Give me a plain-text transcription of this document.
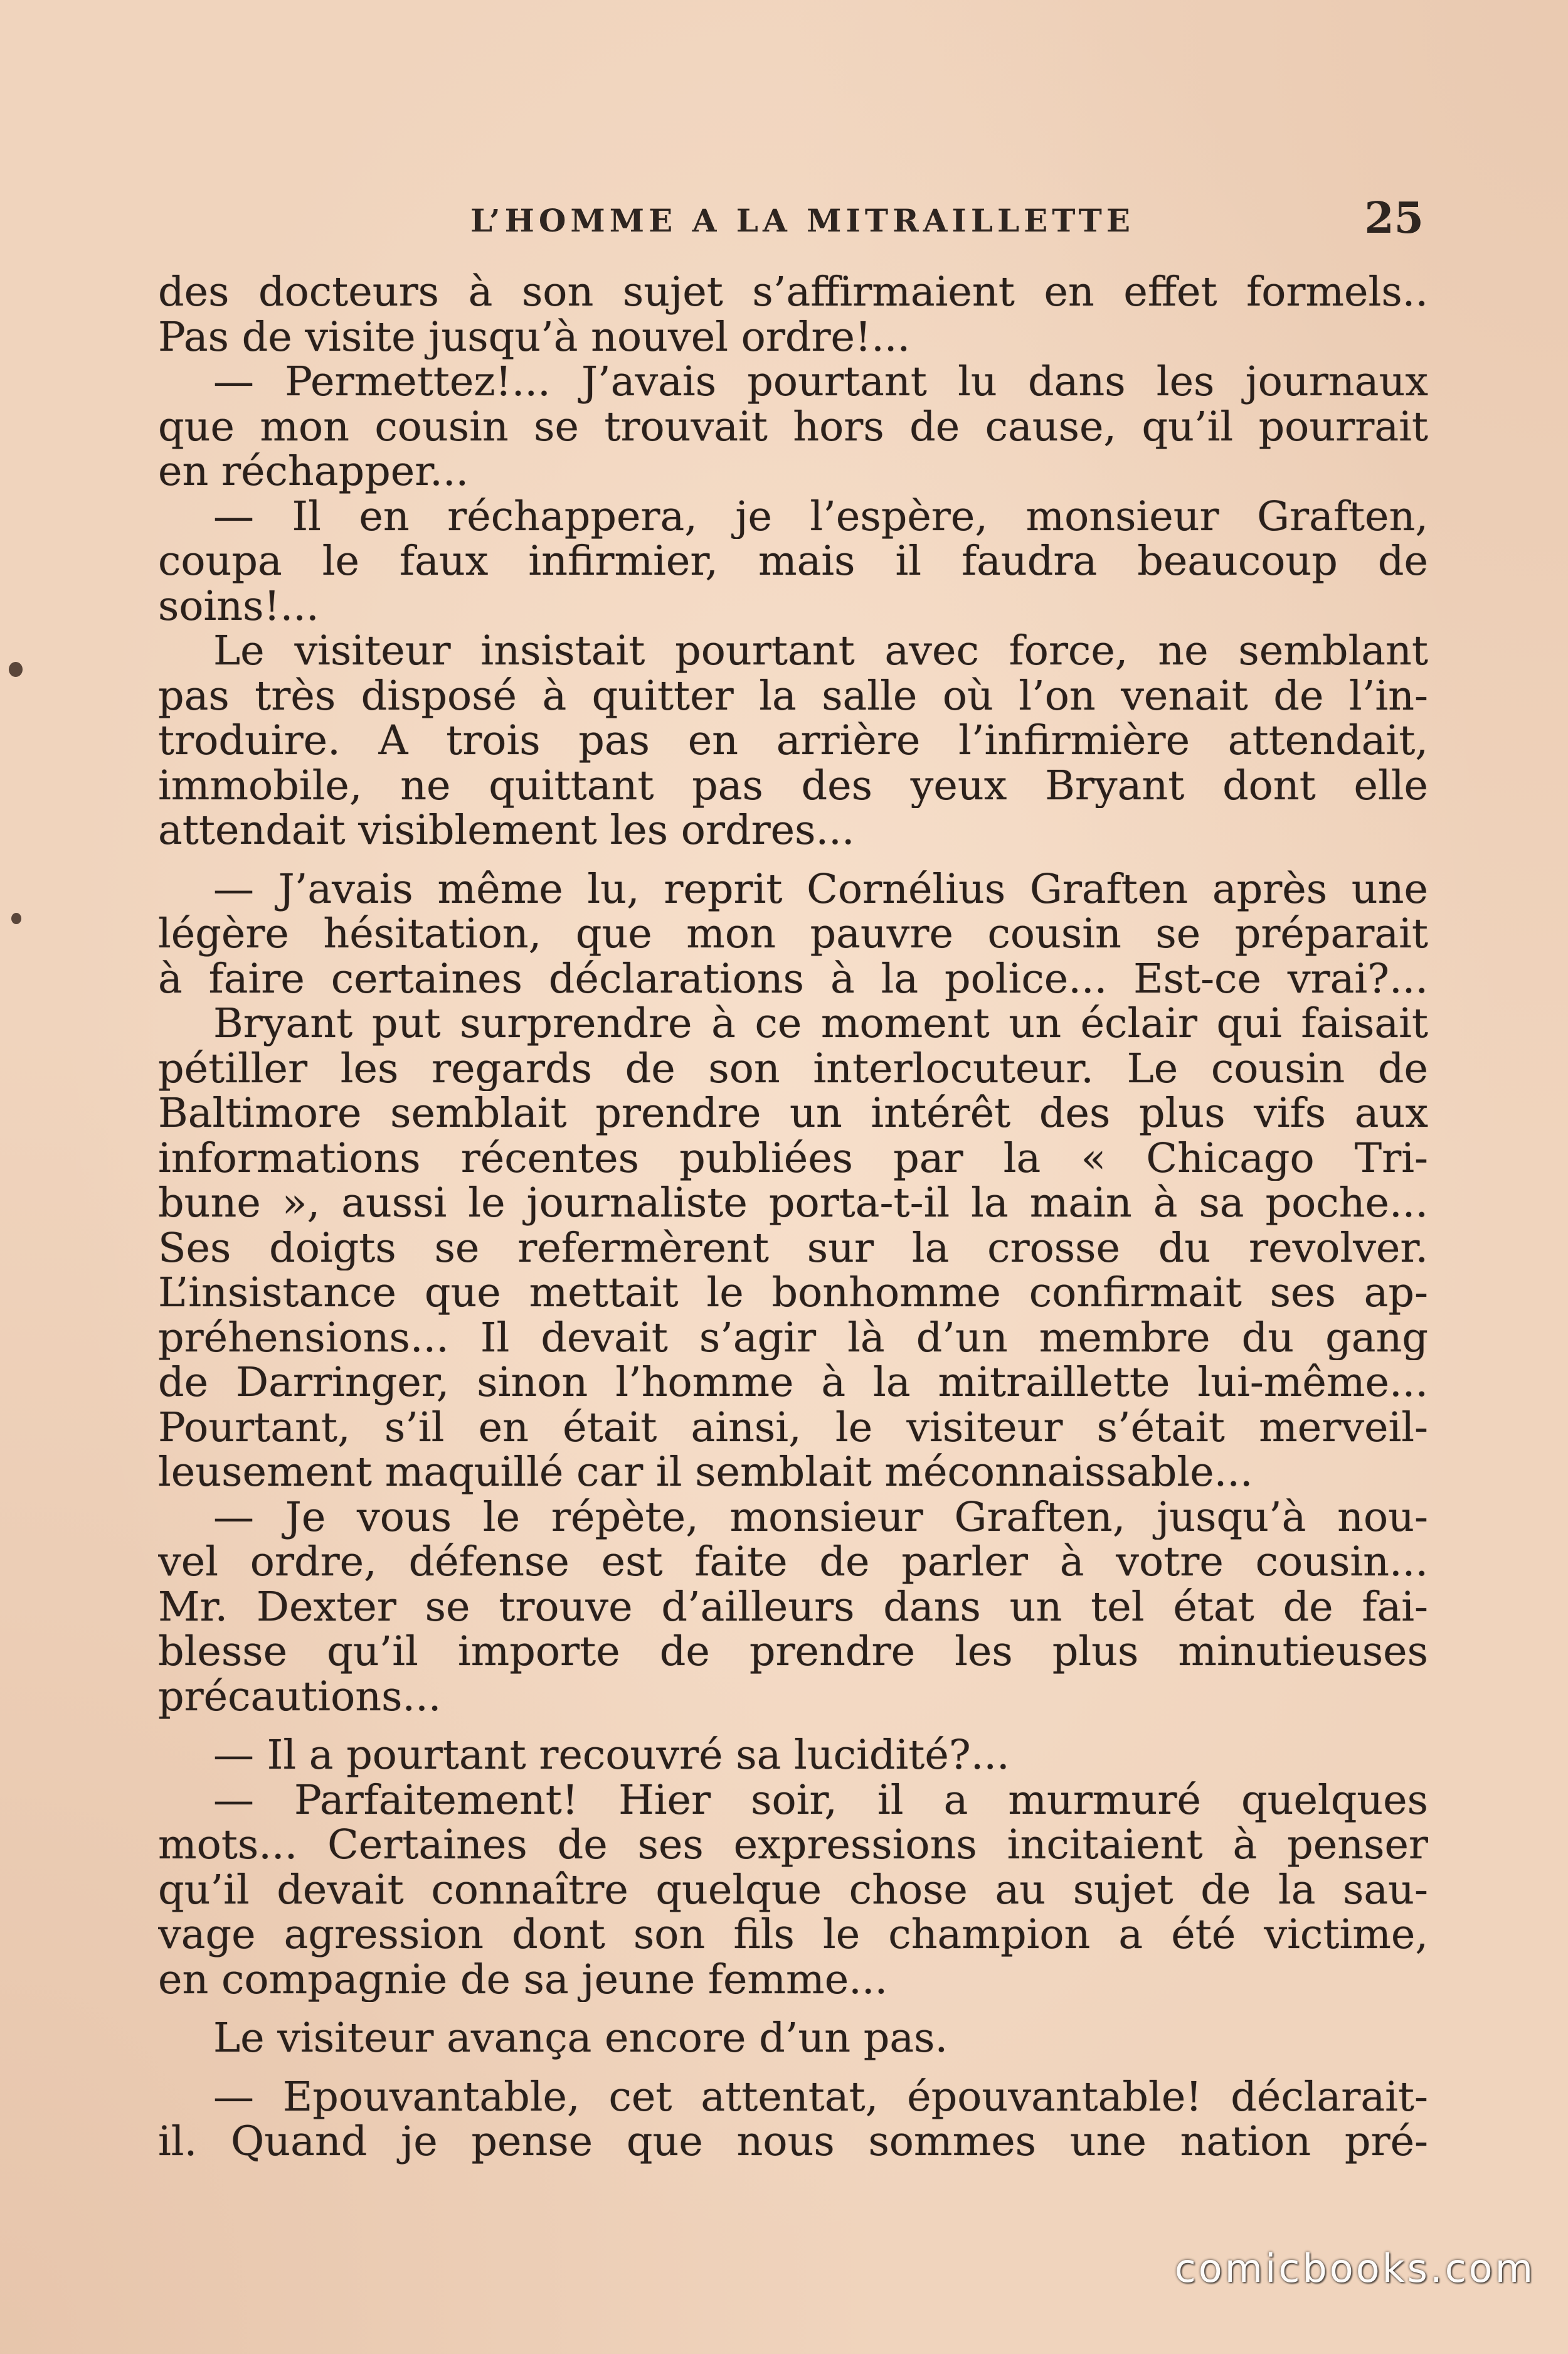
L’HOMME A LA MITRAILLETTE	25
des docteurs à son sujet s’affirmaient en effet formels..
Pas de visite jusqu’à nouvel ordre!...
— Permettez!... J’avais pourtant lu dans les journaux
que mon cousin se trouvait hors de cause, qu’il pourrait
en réchapper...
— Il en réchappera, je l’espère, monsieur Graften,
coupa le faux infirmier, mais il faudra beaucoup de
soins!...
Le visiteur insistait pourtant avec force, ne semblant
pas très disposé à quitter la salle où l’on venait de l’in-
troduire. A trois pas en arrière l’infirmière attendait,
immobile, ne quittant pas des yeux Bryant dont elle
attendait visiblement les ordres...
— J’avais même lu, reprit Cornélius Graften après une
légère hésitation, que mon pauvre cousin se préparait
à faire certaines déclarations à la police... Est-ce vrai?...
Bryant put surprendre à ce moment un éclair qui faisait
pétiller les regards de son interlocuteur. Le cousin de
Baltimore semblait prendre un intérêt des plus vifs aux
informations récentes publiées par la « Chicago Tri-
bune », aussi le journaliste porta-t-il la main à sa poche...
Ses doigts se refermèrent sur la crosse du revolver.
L’insistance que mettait le bonhomme confirmait ses ap-
préhensions... Il devait s’agir là d’un membre du gang
de Darringer, sinon l’homme à la mitraillette lui-même...
Pourtant, s’il en était ainsi, le visiteur s’était merveil-
leusement maquillé car il semblait méconnaissable...
— Je vous le répète, monsieur Graften, jusqu’à nou-
vel ordre, défense est faite de parler à votre cousin...
Mr. Dexter se trouve d’ailleurs dans un tel état de fai-
blesse qu’il importe de prendre les plus minutieuses
précautions...
— Il a pourtant recouvré sa lucidité?...
— Parfaitement! Hier soir, il a murmuré quelques
mots... Certaines de ses expressions incitaient à penser
qu’il devait connaître quelque chose au sujet de la sau-
vage agression dont son fils le champion a été victime,
en compagnie de sa jeune femme...
Le visiteur avança encore d’un pas.
— Epouvantable, cet attentat, épouvantable! déclarait-
il. Quand je pense que nous sommes une nation pré-
comicbooks.com
